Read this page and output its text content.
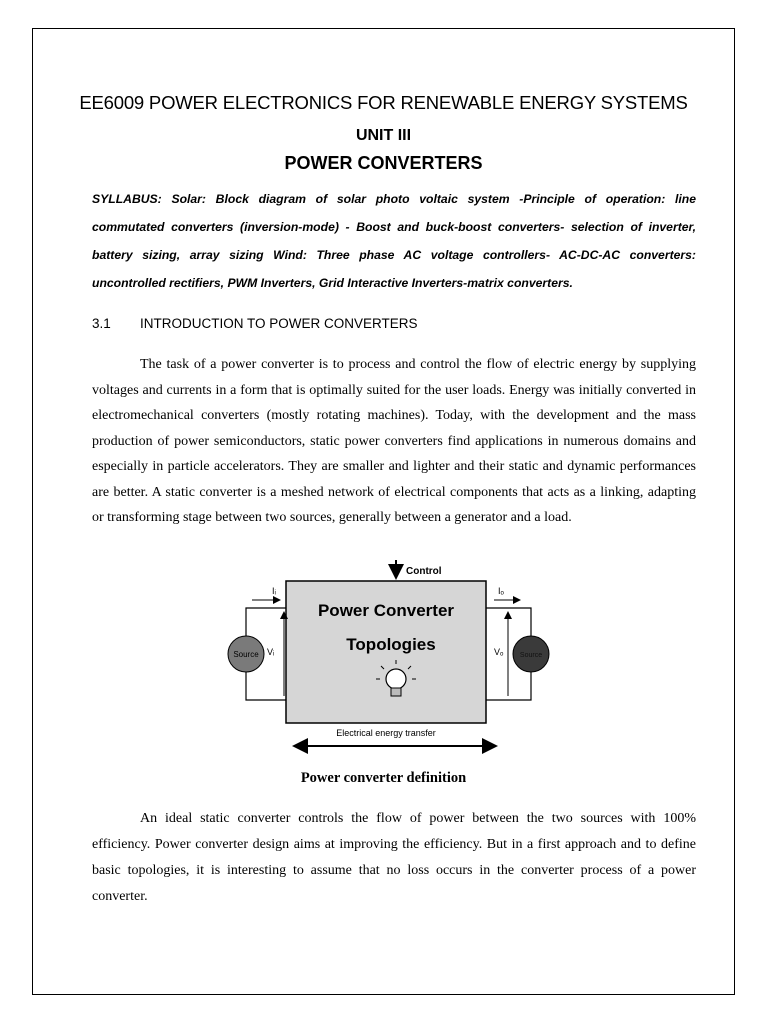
EE6009 POWER ELECTRONICS FOR RENEWABLE ENERGY SYSTEMS
UNIT III
POWER CONVERTERS
SYLLABUS: Solar: Block diagram of solar photo voltaic system -Principle of operation: line commutated converters (inversion-mode) - Boost and buck-boost converters- selection of inverter, battery sizing, array sizing Wind: Three phase AC voltage controllers- AC-DC-AC converters: uncontrolled rectifiers, PWM Inverters, Grid Interactive Inverters-matrix converters.
3.1 INTRODUCTION TO POWER CONVERTERS
The task of a power converter is to process and control the flow of electric energy by supplying voltages and currents in a form that is optimally suited for the user loads. Energy was initially converted in electromechanical converters (mostly rotating machines). Today, with the development and the mass production of power semiconductors, static power converters find applications in numerous domains and especially in particle accelerators. They are smaller and lighter and their static and dynamic performances are better. A static converter is a meshed network of electrical components that acts as a linking, adapting or transforming stage between two sources, generally between a generator and a load.
Control
Power Converter
Topologies
Source
Iᵢ
Vᵢ	Source
Iₒ
Vₒ
Electrical energy transfer
Power converter definition
An ideal static converter controls the flow of power between the two sources with 100% efficiency. Power converter design aims at improving the efficiency. But in a first approach and to define basic topologies, it is interesting to assume that no loss occurs in the converter process of a power converter.
